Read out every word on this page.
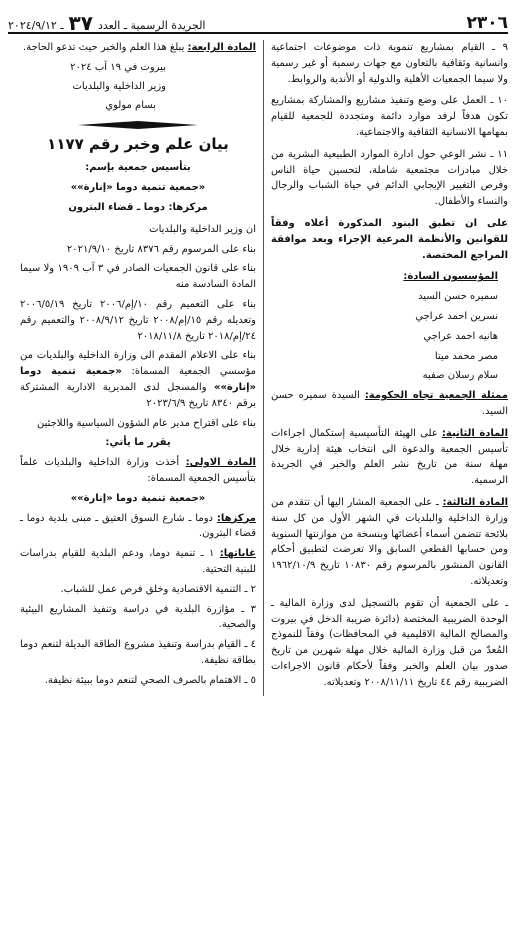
٢٣٠٦
الجريدة الرسمية ـ العدد
٣٧
ـ ٢٠٢٤/٩/١٢

٩ ـ القيام بمشاريع تنموية ذات موضوعات اجتماعية وانسانية وثقافية بالتعاون مع جهات رسمية أو غير رسمية ولا سيما الجمعيات الأهلية والدولية أو الأندية والروابط.

١٠ ـ العمل على وضع وتنفيذ مشاريع والمشاركة بمشاريع تكون هدفاً لرفد موارد دائمة ومتجددة للجمعية للقيام بمهامها الانسانية الثقافية والاجتماعية.

١١ ـ نشر الوعي حول ادارة الموارد الطبيعية البشرية من خلال مبادرات مجتمعية شاملة، لتحسين حياة الناس وفرص التغيير الإيجابي الدائم في حياة الشباب والرجال والنساء والأطفال.

على ان تطبق البنود المذكورة أعلاه وفقاً للقوانين والأنظمة المرعية الإجراء وبعد موافقة المراجع المختصة.

المؤسسون السادة:

سميره حسن السيد

نسرين احمد عراجي

هانيه احمد عراجي

مصر محمد ميتا

سلام رسلان صفيه

ممثلة الجمعية تجاه الحكومة: السيدة سميره حسن السيد.

المادة الثانية: على الهيئة التأسيسية إستكمال اجراءات تأسيس الجمعية والدعوة الى انتخاب هيئة إدارية خلال مهلة سنة من تاريخ نشر العلم والخبر في الجريدة الرسمية.

المادة الثالثة: ـ على الجمعية المشار اليها أن تتقدم من وزارة الداخلية والبلديات في الشهر الأول من كل سنة بلائحة تتضمن أسماء أعضائها وبنسخة من موازنتها السنوية ومن حسابها القطعي السابق والا تعرضت لتطبيق أحكام القانون المنشور بالمرسوم رقم ١٠٨٣٠ تاريخ ١٩٦٢/١٠/٩ وتعديلاته.

ـ على الجمعية أن تقوم بالتسجيل لدى وزارة المالية ـ الوحدة الضريبية المختصة (دائرة ضريبة الدخل في بيروت والمصالح المالية الاقليمية في المحافظات) وفقاً للنموذج المُعدّ من قبل وزارة المالية خلال مهلة شهرين من تاريخ صدور بيان العلم والخبر وفقاً لأحكام قانون الاجراءات الضريبية رقم ٤٤ تاريخ ٢٠٠٨/١١/١١ وتعديلاته.

المادة الرابعة: يبلغ هذا العلم والخبر حيث تدعو الحاجة.

بيروت في ١٩ آب ٢٠٢٤

وزير الداخلية والبلديات

بسام مولوي

بيان علم وخبر رقم ١١٧٧

بتأسيس جمعية بإسم:

«جمعية تنمية دوما «إنارة»»

مركزها: دوما ـ قضاء البترون

ان وزير الداخلية والبلديات

بناء على المرسوم رقم ٨٣٧٦ تاريخ ٢٠٢١/٩/١٠

بناء على قانون الجمعيات الصادر في ٣ آب ١٩٠٩ ولا سيما المادة السادسة منه

بناء على التعميم رقم ١٠/إم/٢٠٠٦ تاريخ ٢٠٠٦/٥/١٩ وتعديله رقم ١٥/إم/٢٠٠٨ تاريخ ٢٠٠٨/٩/١٢ والتعميم رقم ٢٤/إم/٢٠١٨ تاريخ ٢٠١٨/١١/٨

بناء على الاعلام المقدم الى وزارة الداخلية والبلديات من مؤسسي الجمعية المسماة: «جمعية تنمية دوما «إنارة»» والمسجل لدى المديرية الادارية المشتركة برقم ٨٣٤٠ تاريخ ٢٠٢٣/٦/٩

بناء على اقتراح مدير عام الشؤون السياسية واللاجئين

يقرر ما يأتي:

المادة الاولى: أخذت وزارة الداخلية والبلديات علماً بتأسيس الجمعية المسماة:

«جمعية تنمية دوما «إنارة»»

مركزها: دوما ـ شارع السوق العتيق ـ مبنى بلدية دوما ـ قضاء البترون.

غاياتها: ١ ـ تنمية دوما، ودعم البلدية للقيام بدراسات للبنية التحتية.

٢ ـ التنمية الاقتصادية وخلق فرص عمل للشباب.

٣ ـ مؤازرة البلدية في دراسة وتنفيذ المشاريع البيئية والصحية.

٤ ـ القيام بدراسة وتنفيذ مشروع الطاقة البديلة لتنعم دوما بطاقة نظيفة.

٥ ـ الاهتمام بالصرف الصحي لتنعم دوما ببيئة نظيفة.
